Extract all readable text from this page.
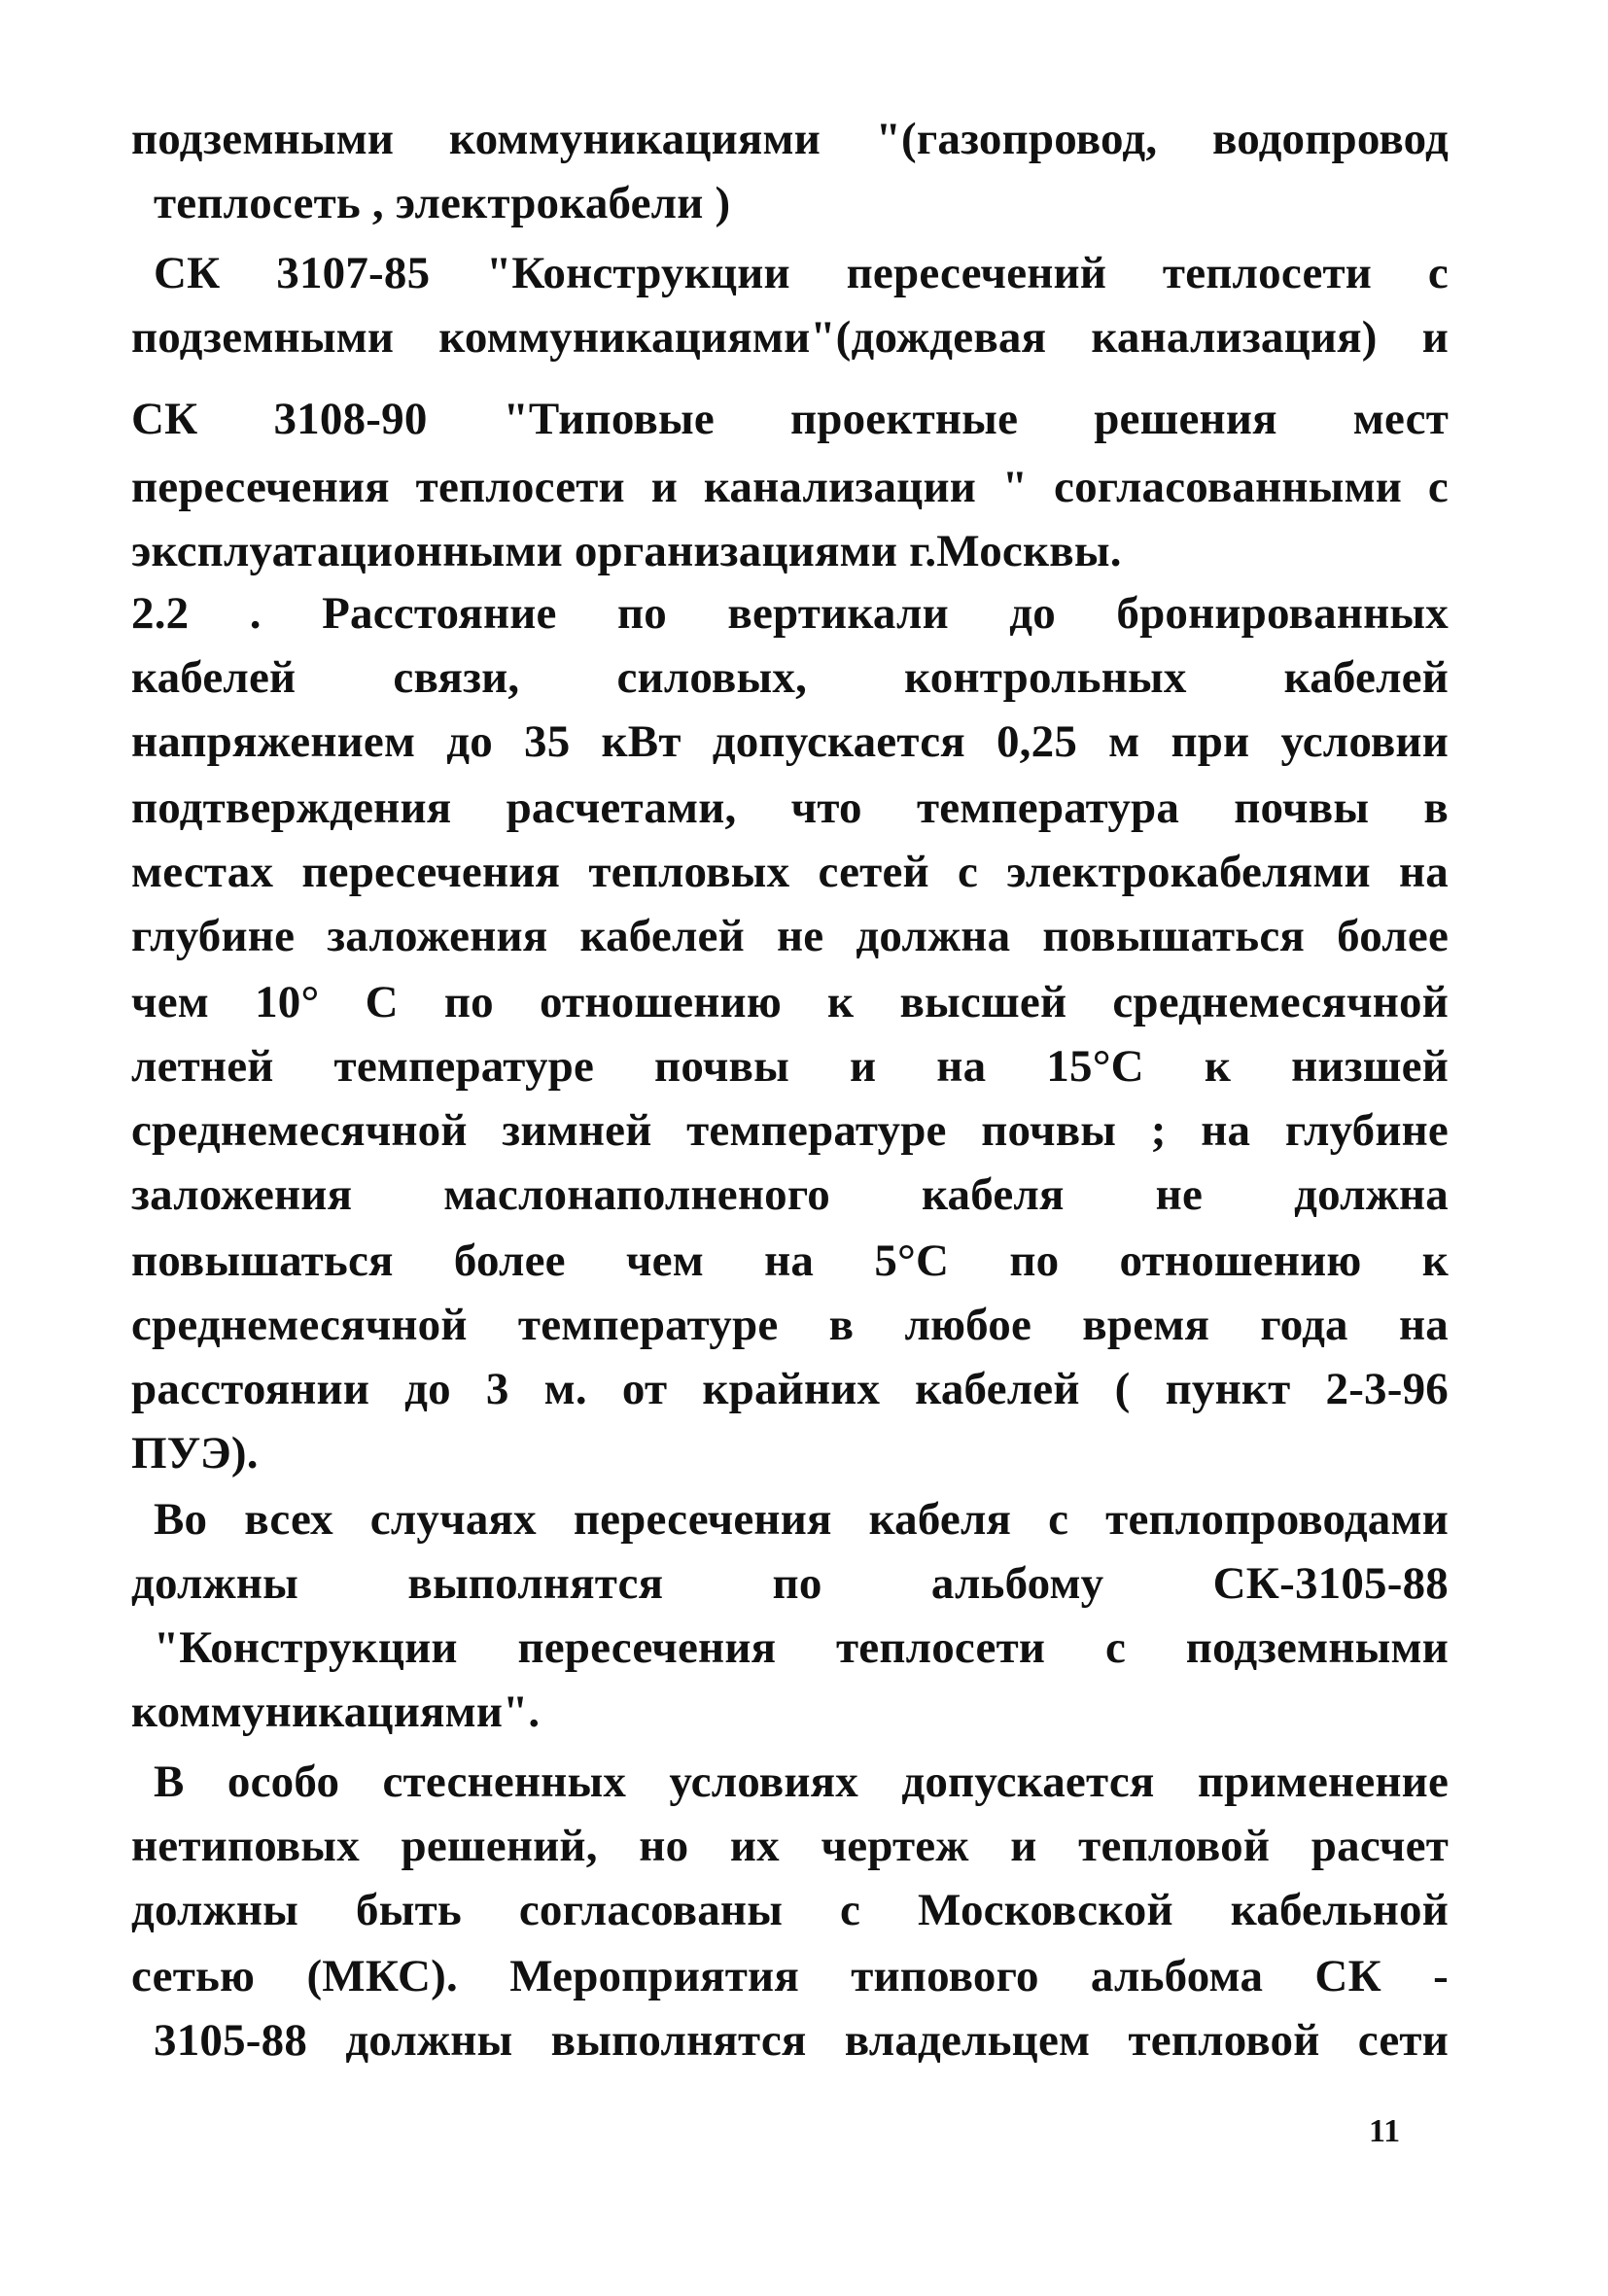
подземными коммуникациями "(газопровод, водопровод
теплосеть , электрокабели )
СК 3107-85 "Конструкции пересечений теплосети с
подземными коммуникациями"(дождевая канализация) и
СК 3108-90 "Типовые проектные решения мест
пересечения теплосети и канализации " согласованными с
эксплуатационными организациями г.Москвы.
2.2 . Расстояние по вертикали до бронированных
кабелей связи, силовых, контрольных кабелей
напряжением до 35 кВт допускается 0,25 м при условии
подтверждения расчетами, что температура почвы в
местах пересечения тепловых сетей с электрокабелями на
глубине заложения кабелей не должна повышаться более
чем 10° С по отношению к высшей среднемесячной
летней температуре почвы и на 15°С к низшей
среднемесячной зимней температуре почвы ; на глубине
заложения маслонаполненого кабеля не должна
повышаться более чем на 5°С по отношению к
среднемесячной температуре в любое время года на
расстоянии до 3 м. от крайних кабелей ( пункт 2-3-96
ПУЭ).
Во всех случаях пересечения кабеля с теплопроводами
должны выполнятся по альбому СК-3105-88
"Конструкции пересечения теплосети с подземными
коммуникациями".
В особо стесненных условиях допускается применение
нетиповых решений, но их чертеж и тепловой расчет
должны быть согласованы с Московской кабельной
сетью (МКС). Мероприятия типового альбома СК -
3105-88 должны выполнятся владельцем тепловой сети
11
